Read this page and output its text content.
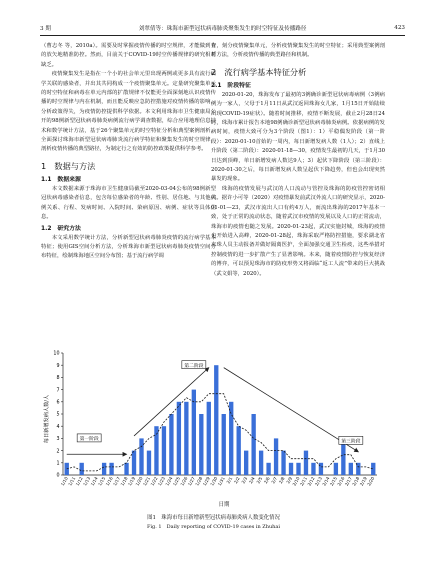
3 期	刘翠倩等：珠海市新型冠状病毒肺炎聚集发生的时空特征及传播路径	423

（曹志冬 等，2010a）。需要及时掌握疫情传播的时空规律，才能做到有的放矢地精准防控。然而，目前关于COVID-19时空传播规律的研究相对缺乏。

疫情聚集发生是指在一个小的社会单元里出现两例或更多具有流行病学关联的感染者，并出其共同构成一个疫情聚集单元。定量研究聚集单元的时空特征和病毒在单元内部的扩散规律不仅能更全面深刻地认识疫情传播的时空规律与内在机制，而且能反映应急防控措施对疫情传播的影响，分析政策得失，为疫情防控提供科学依据。本文利用珠海市卫生健康局公开的98例新型冠状病毒肺炎病例流行病学调查数据，综合应用地理信息技术和数学统计方法，基于26个聚集单元的时空特征分析和典型案例剖析，全面探讨珠海市新型冠状病毒肺炎流行病学特征和聚集发生的时空规律，剖析疫情传播的典型路径，为制定行之有效的防控政策提供科学参考。

1　数据与方法
1.1　数据来源

本文数据来源于珠海市卫生健康局截至2020-03-04公布的98例新型冠状病毒感染者信息，包含每位感染者的年龄、性别、居住地、与其他病例关系、行程、发病时间、入院时间、染病原因、病例、症状等具体信息。

1.2　研究方法

本文采用数学统计方法，分析新型冠状病毒肺炎疫情的流行病学基本特征；使用GIS空间分析方法，分析珠海市新型冠状病毒肺炎疫情空间分布特征，绘制珠海地区空间分布图；基于流行病学调

查，刻分疫情聚集单元，分析疫情聚集发生的时空特征；采用典型案例剖析方法，分析疫情传播的典型路径和机制。

2　流行病学基本特征分析
2.1　阶段特征

2020-01-20，珠海发布了最初的3例确诊新型冠状病毒病例（3例病例为一家人，父母于1月11日从武汉返回珠海女儿家，1月15日开始陆续出现COVID-19症状）。随着时间推移，疫情不断发展，截止2月28日24时，珠海市累计报告本地98例确诊新型冠状病毒肺炎病例。依据病例的发病时间，疫情大致可分为3个阶段（图1）：1）平稳偶发阶段（第一阶段）：2020-01-10首始的一周内，每日新增发病人数（1人）；2）直线上升阶段（第二阶段）：2020-01-18—30，疫情发生最初的几天，于1月30日达到顶峰，单日新增发病人数达9人；3）起伏下降阶段（第三阶段）：2020-01-30之后，每日新增发病人数呈起伏下降趋势，但也会出现突然暴发的现象。

珠海的疫情发展与武汉的人口流动与管控及珠海的防疫管控密切相关。据许小可等（2020）对疫情暴发前武汉外流人口的研究显示，2020-01-01—23，武汉市流出人口有约4万人，而流出珠海的2017年基本一致，处于正常的流动状态，随着武汉市疫情的发展以及人口的正常流动，珠海市的疫情也随之发展。2020-01-23起，武汉实施封城，珠海的疫情也开始进入高峰，2020-01-28起，珠海采取严格防控措施，要求湖北省来珠人员主动报备并做好隔离医护，全面加强交通卫生检疫，这些举措对控制疫情的进一步扩散产生了显著影响。本来，随着疫情防控与恢复经济的博弈，可以预见珠海市的防疫形势又将面临“返工人流”带来的巨大挑战（武文娟等，2020）。

每日新增发病人数/人
日期
0
1
2
3
4
5
6
7
8
9
10
1/10
1/11
1/12
1/13
1/14
1/15
1/16
1/17
1/18
1/19
1/20
1/21
1/22
1/23
1/24
1/25
1/26
1/27
1/28
1/29
1/30
1/31 2/1 2/2 2/3 2/4 2/5 2/6 2/7 2/8 2/9
2/10
2/11
2/12
2/13
2/14
2/15
2/16
2/17
2/18
2/19
2/20
第一阶段
第二阶段
第三阶段
图1　珠海市每日新增新型冠状病毒肺炎病人数变化情况
Fig. 1　Daily reporting of COVID-19 cases in Zhuhai
